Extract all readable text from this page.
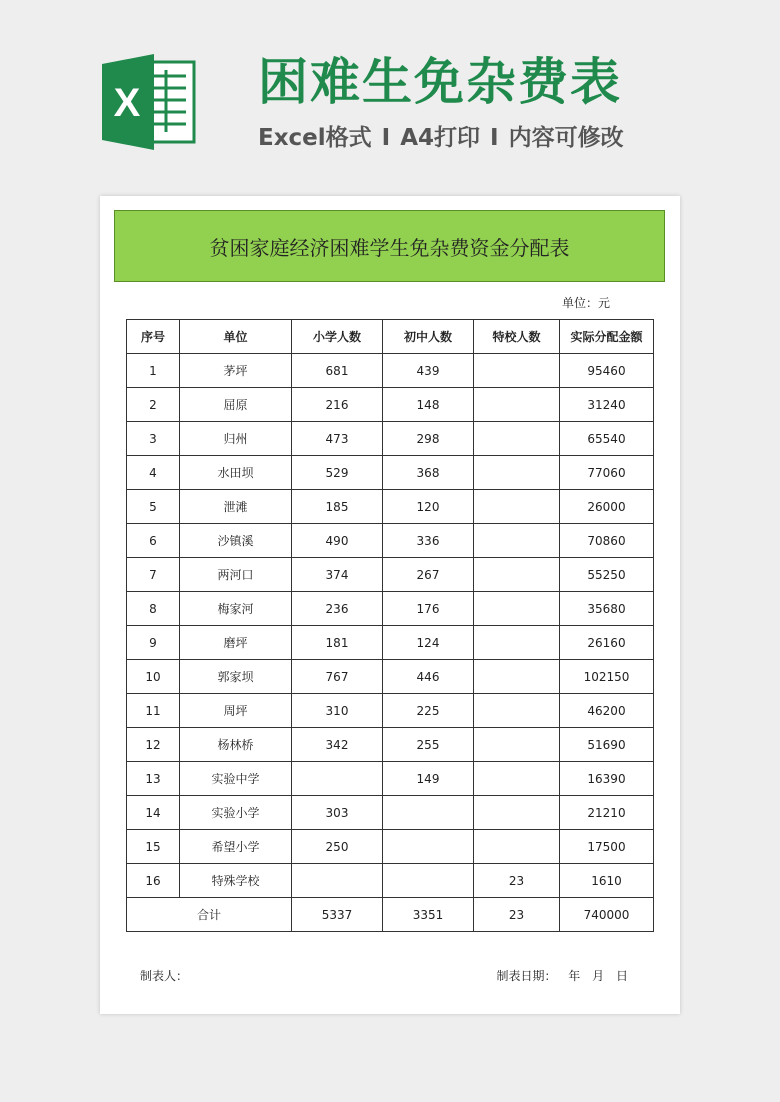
X 困难生免杂费表
Excel格式 I A4打印 I 内容可修改
贫困家庭经济困难学生免杂费资金分配表
单位：元
序号	单位	小学人数	初中人数	特校人数	实际分配金额
1	茅坪	681	439		95460
2	屈原	216	148		31240
3	归州	473	298		65540
4	水田坝	529	368		77060
5	泄滩	185	120		26000
6	沙镇溪	490	336		70860
7	两河口	374	267		55250
8	梅家河	236	176		35680
9	磨坪	181	124		26160
10	郭家坝	767	446		102150
11	周坪	310	225		46200
12	杨林桥	342	255		51690
13	实验中学		149		16390
14	实验小学	303			21210
15	希望小学	250			17500
16	特殊学校			23	1610
合计		5337	3351	23	740000
制表人：	制表日期： 年 月 日
